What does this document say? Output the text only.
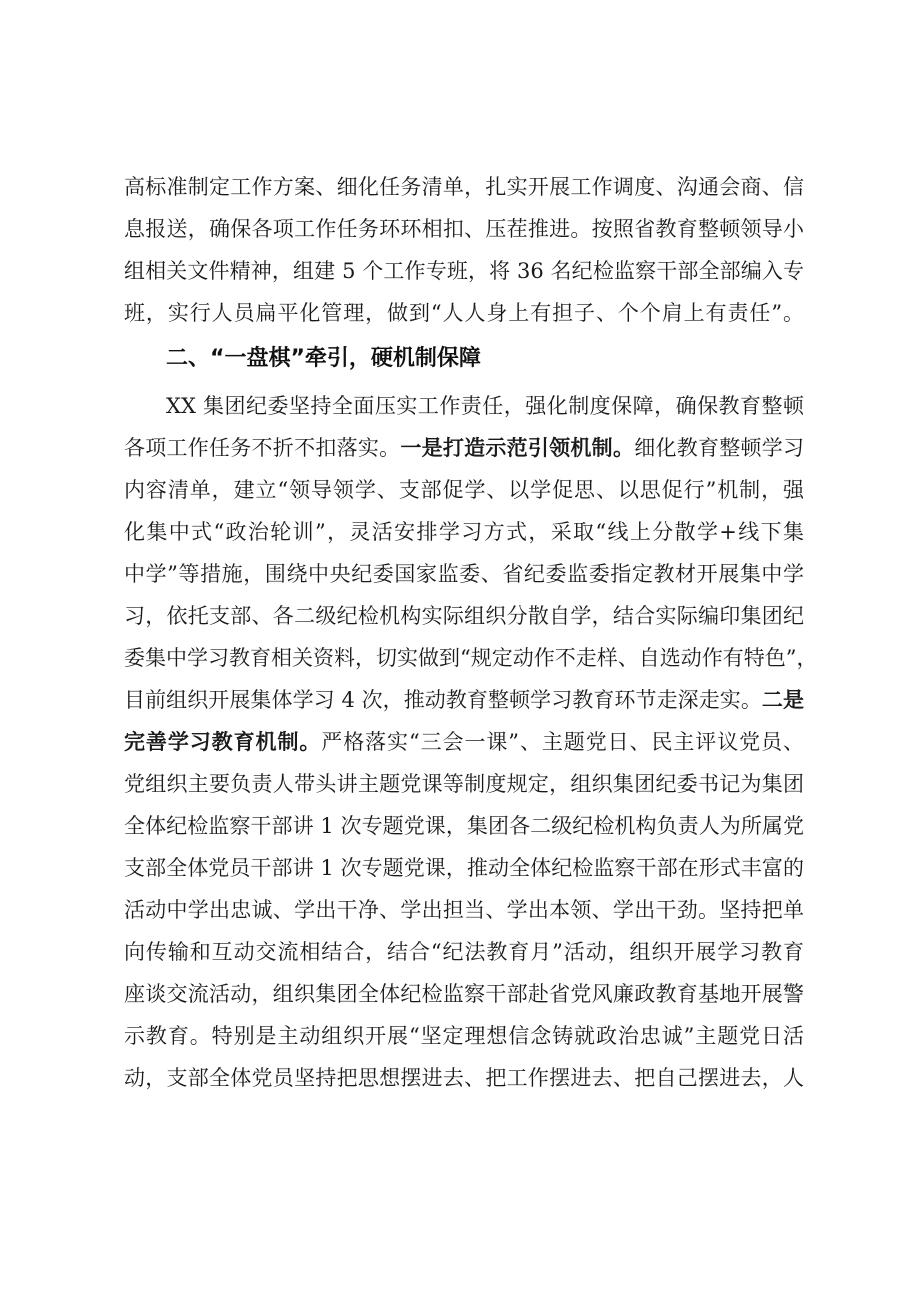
高标准制定工作方案、细化任务清单，扎实开展工作调度、沟通会商、信
息报送，确保各项工作任务环环相扣、压茬推进。按照省教育整顿领导小
组相关文件精神，组建 5 个工作专班，将 36 名纪检监察干部全部编入专
班，实行人员扁平化管理，做到“人人身上有担子、个个肩上有责任”。
二、“一盘棋”牵引，硬机制保障
XX 集团纪委坚持全面压实工作责任，强化制度保障，确保教育整顿
各项工作任务不折不扣落实。一是打造示范引领机制。细化教育整顿学习
内容清单，建立“领导领学、支部促学、以学促思、以思促行”机制，强
化集中式“政治轮训”，灵活安排学习方式，采取“线上分散学+线下集
中学”等措施，围绕中央纪委国家监委、省纪委监委指定教材开展集中学
习，依托支部、各二级纪检机构实际组织分散自学，结合实际编印集团纪
委集中学习教育相关资料，切实做到“规定动作不走样、自选动作有特色”，
目前组织开展集体学习 4 次，推动教育整顿学习教育环节走深走实。二是
完善学习教育机制。严格落实“三会一课”、主题党日、民主评议党员、
党组织主要负责人带头讲主题党课等制度规定，组织集团纪委书记为集团
全体纪检监察干部讲 1 次专题党课，集团各二级纪检机构负责人为所属党
支部全体党员干部讲 1 次专题党课，推动全体纪检监察干部在形式丰富的
活动中学出忠诚、学出干净、学出担当、学出本领、学出干劲。坚持把单
向传输和互动交流相结合，结合“纪法教育月”活动，组织开展学习教育
座谈交流活动，组织集团全体纪检监察干部赴省党风廉政教育基地开展警
示教育。特别是主动组织开展“坚定理想信念铸就政治忠诚”主题党日活
动，支部全体党员坚持把思想摆进去、把工作摆进去、把自己摆进去，人
